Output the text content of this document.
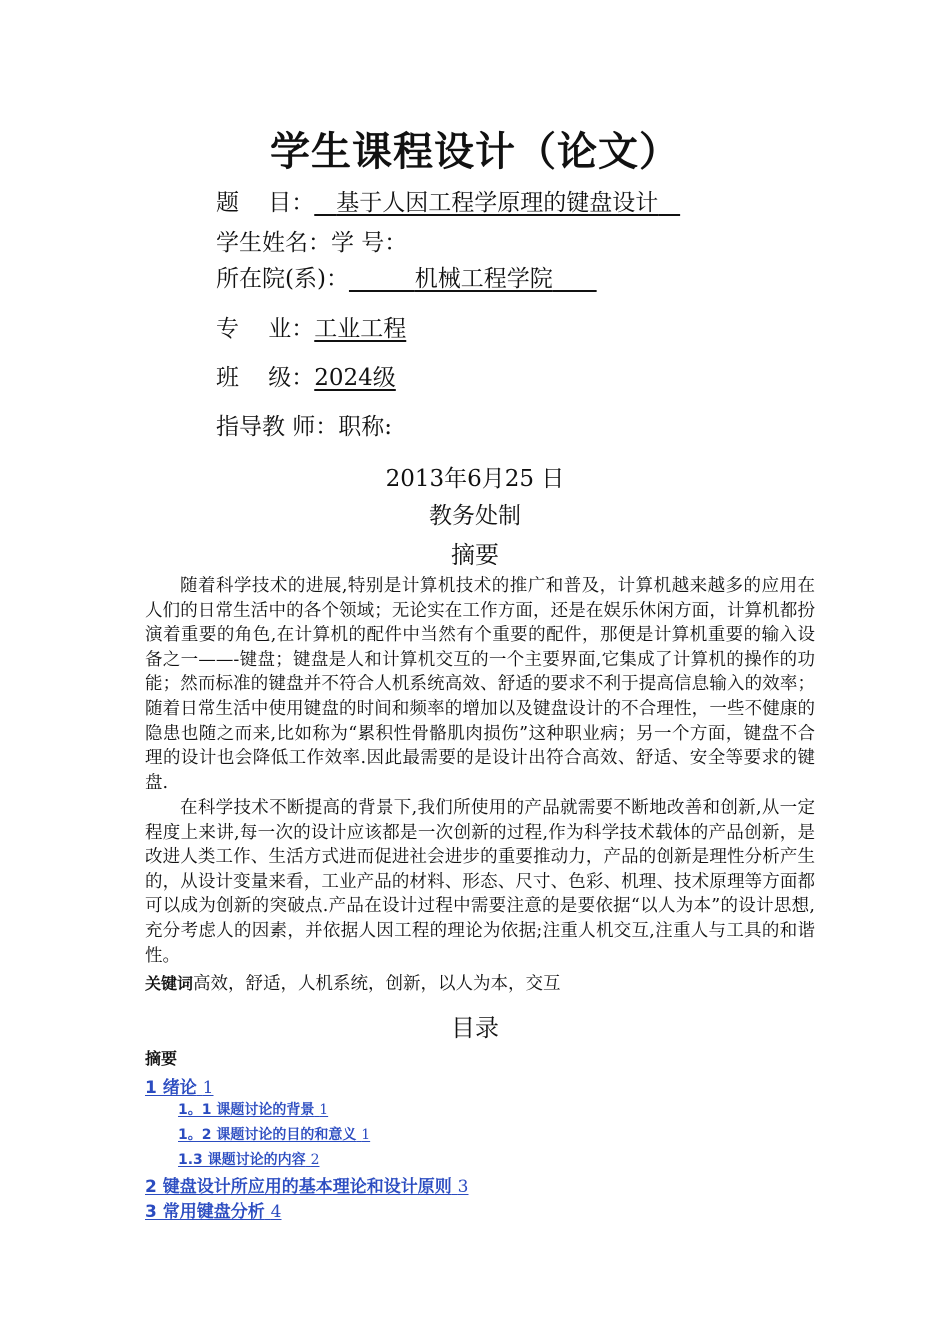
学生课程设计（论文）
题    目： 基于人因工程学原理的键盘设计
学生姓名：学 号：
所在院(系)：	机械工程学院
专    业：工业工程
班    级：2024级
指导教 师：职称:
2013年6月25 日
教务处制
摘要
随着科学技术的进展,特别是计算机技术的推广和普及，计算机越来越多的应用在人们的日常生活中的各个领域；无论实在工作方面，还是在娱乐休闲方面，计算机都扮演着重要的角色,在计算机的配件中当然有个重要的配件，那便是计算机重要的输入设备之一——-键盘；键盘是人和计算机交互的一个主要界面,它集成了计算机的操作的功能；然而标准的键盘并不符合人机系统高效、舒适的要求不利于提高信息输入的效率；随着日常生活中使用键盘的时间和频率的增加以及键盘设计的不合理性，一些不健康的隐患也随之而来,比如称为“累积性骨骼肌肉损伤”这种职业病；另一个方面，键盘不合理的设计也会降低工作效率.因此最需要的是设计出符合高效、舒适、安全等要求的键盘.
在科学技术不断提高的背景下,我们所使用的产品就需要不断地改善和创新,从一定程度上来讲,每一次的设计应该都是一次创新的过程,作为科学技术载体的产品创新，是改进人类工作、生活方式进而促进社会进步的重要推动力，产品的创新是理性分析产生的，从设计变量来看，工业产品的材料、形态、尺寸、色彩、机理、技术原理等方面都可以成为创新的突破点.产品在设计过程中需要注意的是要依据“以人为本”的设计思想,充分考虑人的因素，并依据人因工程的理论为依据;注重人机交互,注重人与工具的和谐性。
关键词高效，舒适，人机系统，创新，以人为本，交互
目录
摘要
1 绪论 1
1。1 课题讨论的背景 1
1。2 课题讨论的目的和意义 1
1.3 课题讨论的内容 2
2 键盘设计所应用的基本理论和设计原则 3
3 常用键盘分析 4
